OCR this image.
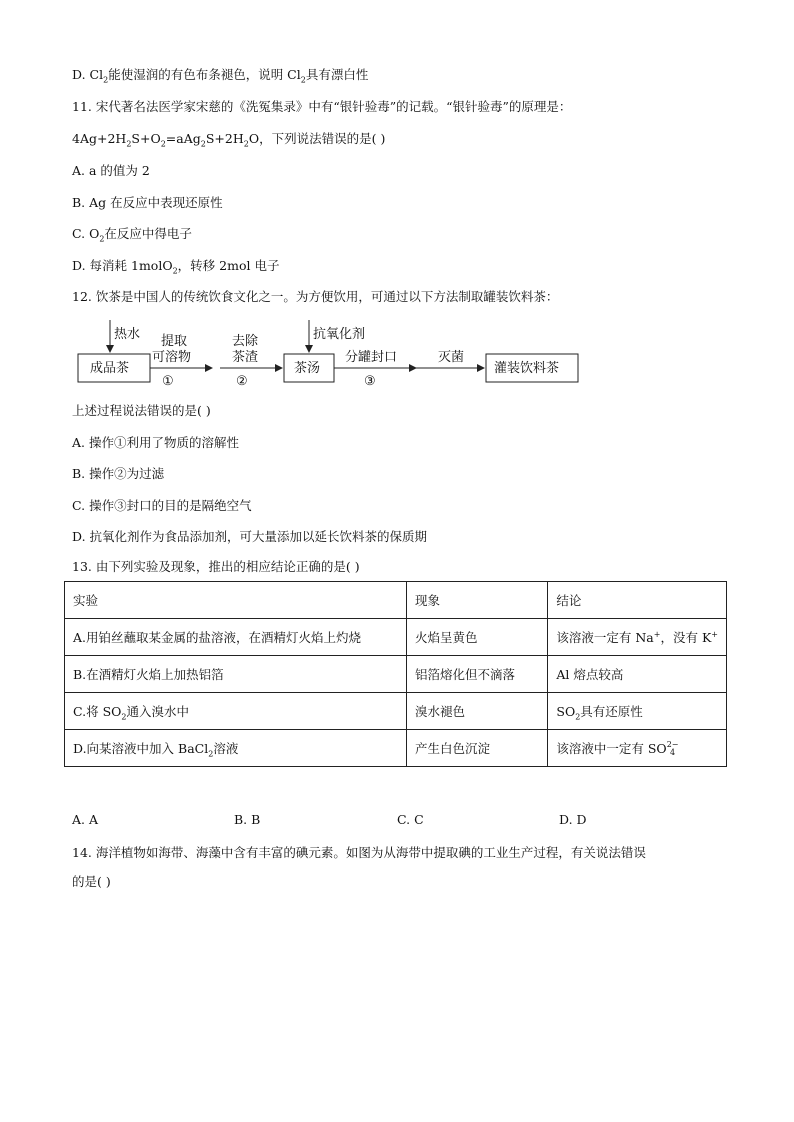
D. $Cl_2$能使湿润的有色布条褪色，说明 $Cl_2$具有漂白性
11. 宋代著名法医学家宋慈的《洗冤集录》中有“银针验毒”的记载。“银针验毒”的原理是：
$4Ag+2H_2S+O_2=aAg_2S+2H_2O$，下列说法错误的是( )
A. a 的值为 2
B. Ag 在反应中表现还原性
C. $O_2$在反应中得电子
D. 每消耗 1molO$_2$，转移 2mol 电子
12. 饮茶是中国人的传统饮食文化之一。为方便饮用，可通过以下方法制取罐装饮料茶：
热水	抗氧化剂
成品茶	茶汤	灌装饮料茶
提取
可溶物
①
去除
茶渣
②
分罐封口
③
灭菌
上述过程说法错误的是( )
A. 操作①利用了物质的溶解性
B. 操作②为过滤
C. 操作③封口的目的是隔绝空气
D. 抗氧化剂作为食品添加剂，可大量添加以延长饮料茶的保质期
13. 由下列实验及现象，推出的相应结论正确的是( )
实验	现象	结论
A.用铂丝蘸取某金属的盐溶液，在酒精灯火焰上灼烧	火焰呈黄色	该溶液一定有 Na+，没有 K+
B.在酒精灯火焰上加热铝箔	铝箔熔化但不滴落	Al 熔点较高
C.将 $SO_2$通入溴水中	溴水褪色	$SO_2$具有还原性
D.向某溶液中加入 BaCl$_2$溶液	产生白色沉淀	该溶液中一定有 SO2−
4
A. A	B. B	C. C	D. D
14. 海洋植物如海带、海藻中含有丰富的碘元素。如图为从海带中提取碘的工业生产过程，有关说法错误
的是( )
